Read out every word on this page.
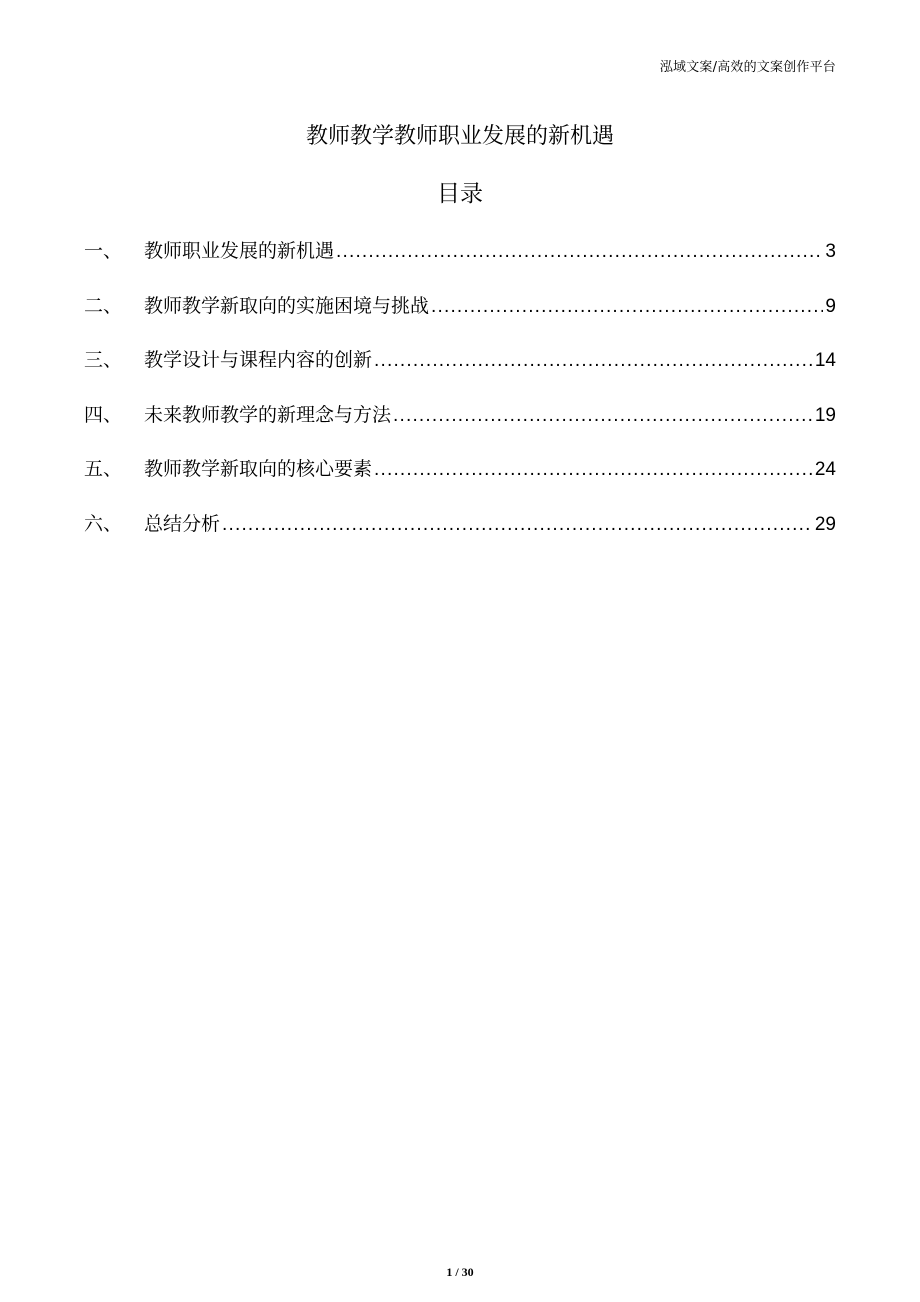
泓域文案/高效的文案创作平台
教师教学教师职业发展的新机遇
目录
一、	教师职业发展的新机遇 .....	3
二、	教师教学新取向的实施困境与挑战 .....	9
三、	教学设计与课程内容的创新 .....	14
四、	未来教师教学的新理念与方法 .....	19
五、	教师教学新取向的核心要素 .....	24
六、	总结分析 .....	29
1 / 30
